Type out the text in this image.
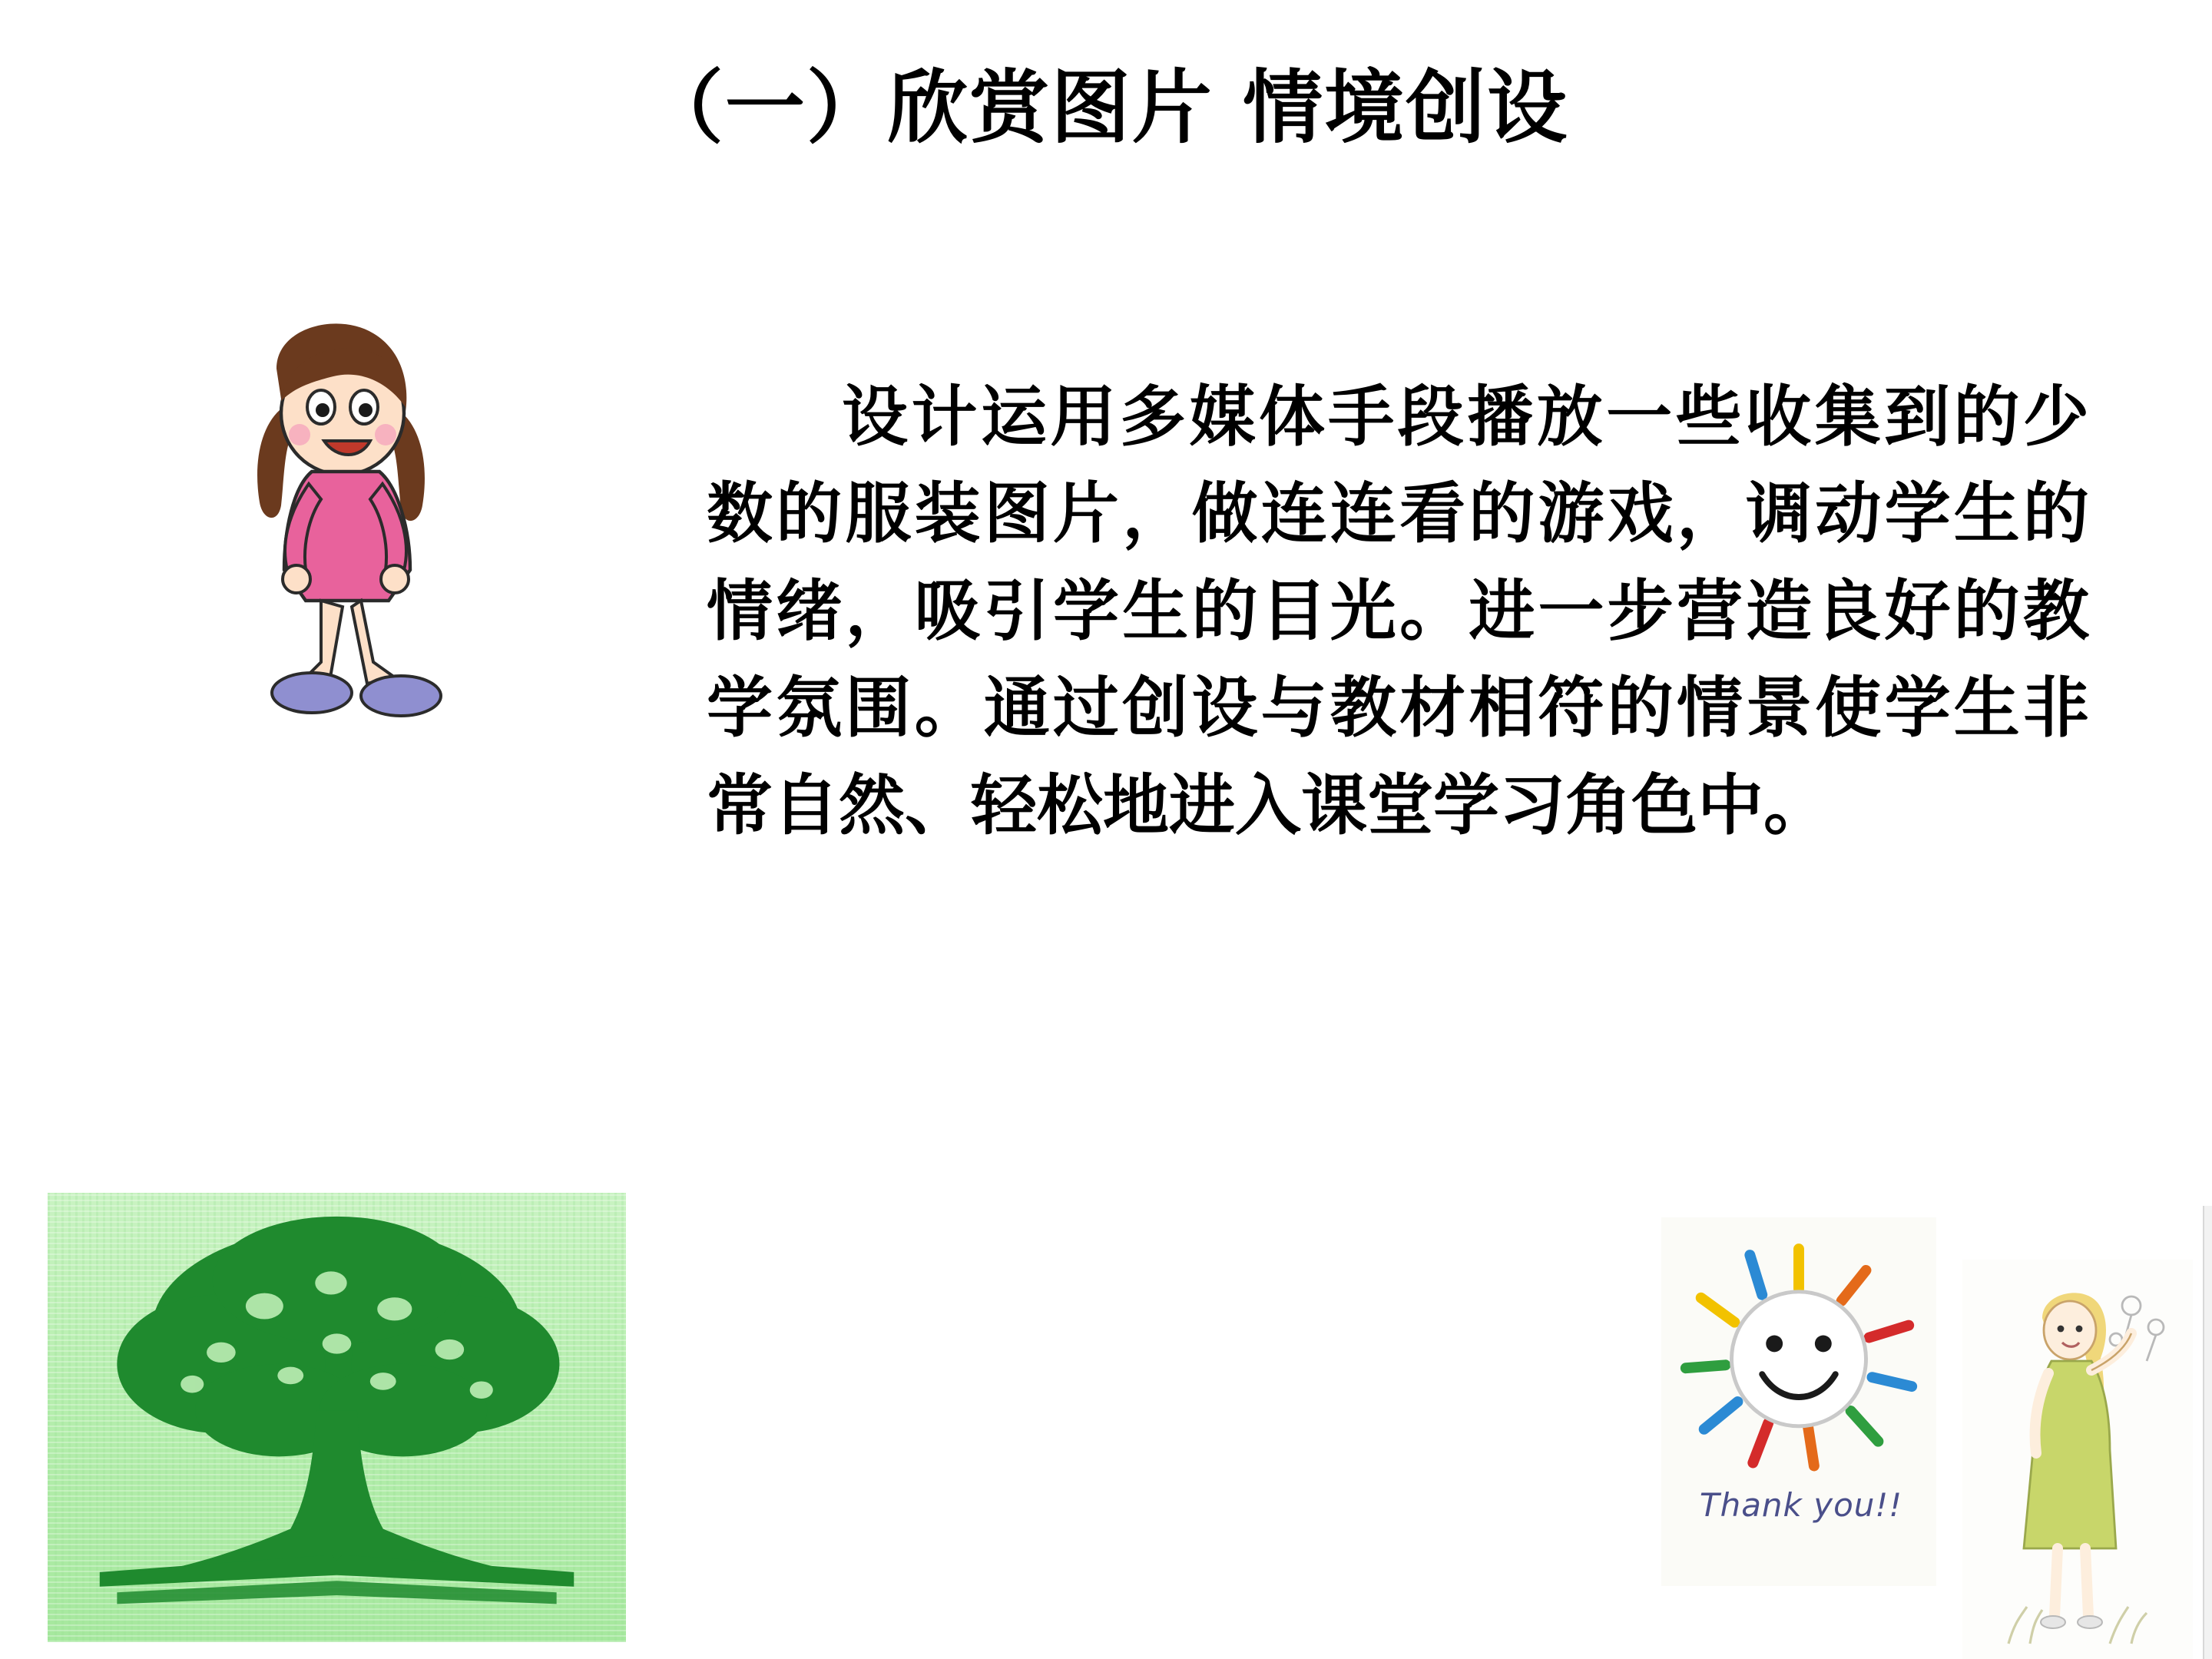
（一）欣赏图片 情境创设
设计运用多媒体手段播放一些收集到的少数的服装图片，做连连看的游戏，调动学生的情绪，吸引学生的目光。进一步营造良好的教学氛围。通过创设与教材相符的情景使学生非常自然、轻松地进入课堂学习角色中。
Thank you!!
